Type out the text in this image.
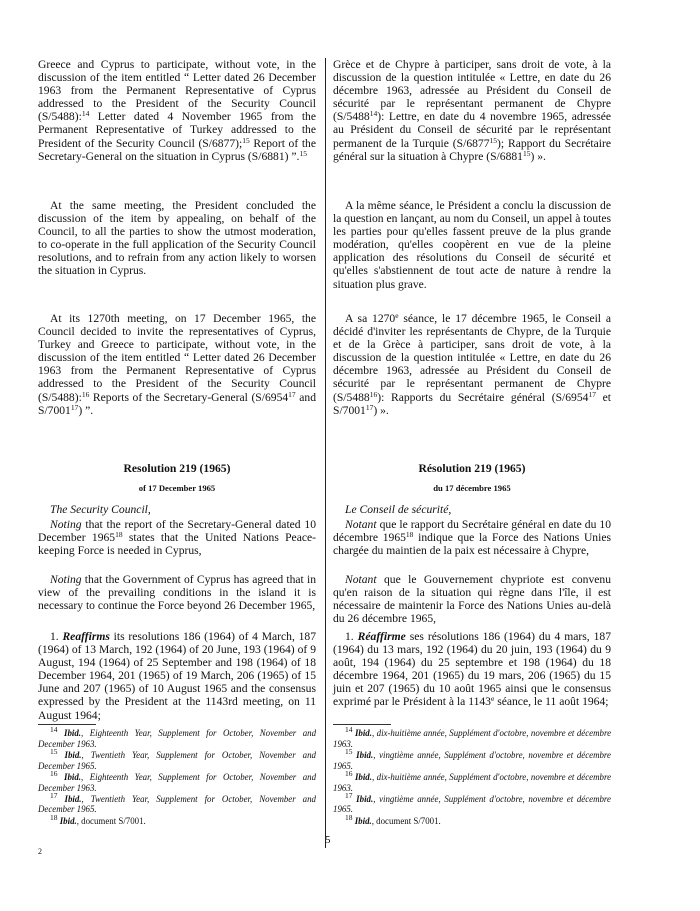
Greece and Cyprus to participate, without vote, in the discussion of the item entitled “ Letter dated 26 December 1963 from the Permanent Representative of Cyprus addressed to the President of the Security Council (S/5488):$^{14}$ Letter dated 4 November 1965 from the Permanent Representative of Turkey addressed to the President of the Security Council (S/6877);$^{15}$ Report of the Secretary-General on the situation in Cyprus (S/6881) ”.$^{15}$

At the same meeting, the President concluded the discussion of the item by appealing, on behalf of the Council, to all the parties to show the utmost moderation, to co-operate in the full application of the Security Council resolutions, and to refrain from any action likely to worsen the situation in Cyprus.

At its 1270th meeting, on 17 December 1965, the Council decided to invite the representatives of Cyprus, Turkey and Greece to participate, without vote, in the discussion of the item entitled “ Letter dated 26 December 1963 from the Permanent Representative of Cyprus addressed to the President of the Security Council (S/5488):$^{16}$ Reports of the Secretary-General (S/6954$^{17}$ and S/7001$^{17}$) ”.

Resolution 219 (1965)
of 17 December 1965

The Security Council,

Noting that the report of the Secretary-General dated 10 December 1965$^{18}$ states that the United Nations Peace-keeping Force is needed in Cyprus,

Noting that the Government of Cyprus has agreed that in view of the prevailing conditions in the island it is necessary to continue the Force beyond 26 December 1965,

1. Reaffirms its resolutions 186 (1964) of 4 March, 187 (1964) of 13 March, 192 (1964) of 20 June, 193 (1964) of 9 August, 194 (1964) of 25 September and 198 (1964) of 18 December 1964, 201 (1965) of 19 March, 206 (1965) of 15 June and 207 (1965) of 10 August 1965 and the consensus expressed by the President at the 1143rd meeting, on 11 August 1964;

$^{14}$ Ibid., Eighteenth Year, Supplement for October, November and December 1963.

$^{15}$ Ibid., Twentieth Year, Supplement for October, November and December 1965.

$^{16}$ Ibid., Eighteenth Year, Supplement for October, November and December 1963.

$^{17}$ Ibid., Twentieth Year, Supplement for October, November and December 1965.

$^{18}$ Ibid., document S/7001.

Grèce et de Chypre à participer, sans droit de vote, à la discussion de la question intitulée « Lettre, en date du 26 décembre 1963, adressée au Président du Conseil de sécurité par le représentant permanent de Chypre (S/5488$^{14}$): Lettre, en date du 4 novembre 1965, adressée au Président du Conseil de sécurité par le représentant permanent de la Turquie (S/6877$^{15}$); Rapport du Secrétaire général sur la situation à Chypre (S/6881$^{15}$) ».

A la même séance, le Président a conclu la discussion de la question en lançant, au nom du Conseil, un appel à toutes les parties pour qu'elles fassent preuve de la plus grande modération, qu'elles coopèrent en vue de la pleine application des résolutions du Conseil de sécurité et qu'elles s'abstiennent de tout acte de nature à rendre la situation plus grave.

A sa 1270e séance, le 17 décembre 1965, le Conseil a décidé d'inviter les représentants de Chypre, de la Turquie et de la Grèce à participer, sans droit de vote, à la discussion de la question intitulée « Lettre, en date du 26 décembre 1963, adressée au Président du Conseil de sécurité par le représentant permanent de Chypre (S/5488$^{16}$): Rapports du Secrétaire général (S/6954$^{17}$ et S/7001$^{17}$) ».

Résolution 219 (1965)
du 17 décembre 1965

Le Conseil de sécurité,

Notant que le rapport du Secrétaire général en date du 10 décembre 1965$^{18}$ indique que la Force des Nations Unies chargée du maintien de la paix est nécessaire à Chypre,

Notant que le Gouvernement chypriote est convenu qu'en raison de la situation qui règne dans l'île, il est nécessaire de maintenir la Force des Nations Unies au-delà du 26 décembre 1965,

1. Réaffirme ses résolutions 186 (1964) du 4 mars, 187 (1964) du 13 mars, 192 (1964) du 20 juin, 193 (1964) du 9 août, 194 (1964) du 25 septembre et 198 (1964) du 18 décembre 1964, 201 (1965) du 19 mars, 206 (1965) du 15 juin et 207 (1965) du 10 août 1965 ainsi que le consensus exprimé par le Président à la 1143e séance, le 11 août 1964;

$^{14}$ Ibid., dix-huitième année, Supplément d'octobre, novembre et décembre 1963.

$^{15}$ Ibid., vingtième année, Supplément d'octobre, novembre et décembre 1965.

$^{16}$ Ibid., dix-huitième année, Supplément d'octobre, novembre et décembre 1963.

$^{17}$ Ibid., vingtième année, Supplément d'octobre, novembre et décembre 1965.

$^{18}$ Ibid., document S/7001.

5
2
